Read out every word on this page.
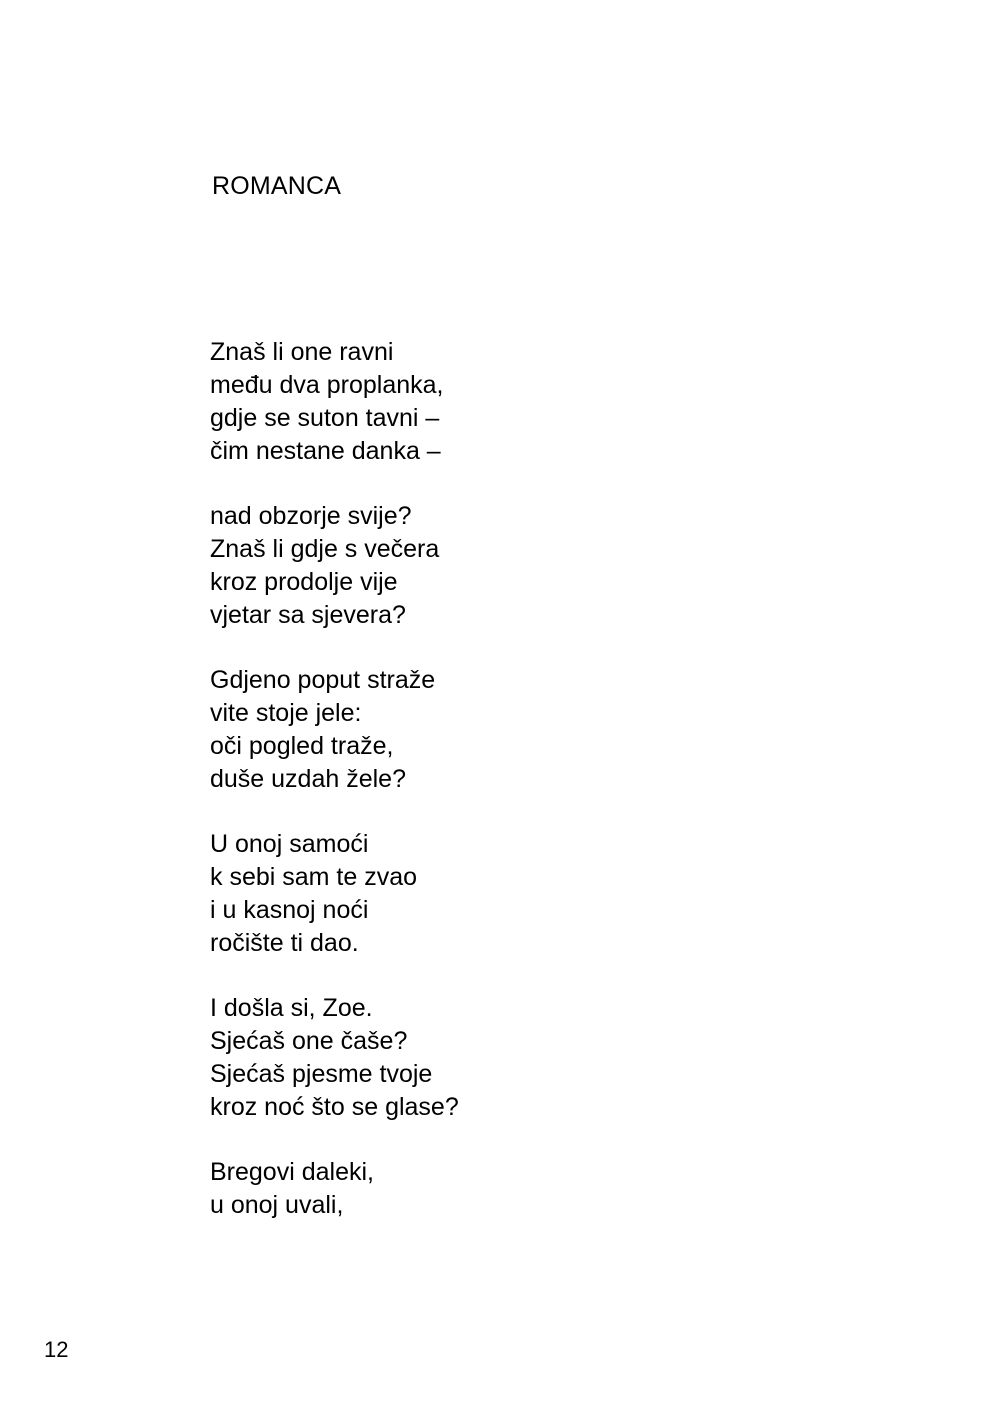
ROMANCA
Znaš li one ravni
među dva proplanka,
gdje se suton tavni –
čim nestane danka –
nad obzorje svije?
Znaš li gdje s večera
kroz prodolje vije
vjetar sa sjevera?
Gdjeno poput straže
vite stoje jele:
oči pogled traže,
duše uzdah žele?
U onoj samoći
k sebi sam te zvao
i u kasnoj noći
ročište ti dao.
I došla si, Zoe.
Sjećaš one čaše?
Sjećaš pjesme tvoje
kroz noć što se glase?
Bregovi daleki,
u onoj uvali,
12
